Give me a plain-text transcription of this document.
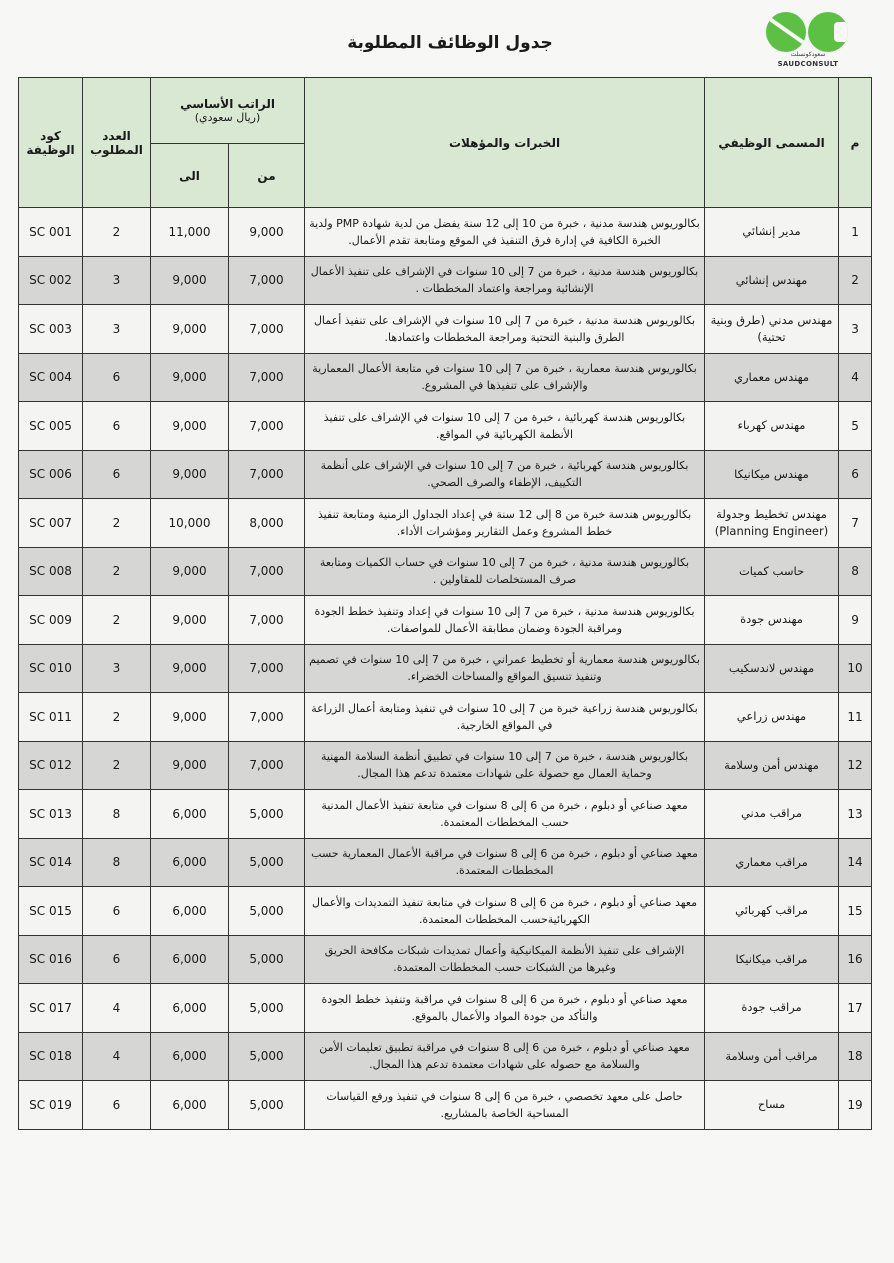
سعودكونسلت
SAUDCONSULT
جدول الوظائف المطلوبة
م	المسمى الوظيفي	الخبرات والمؤهلات	الراتب الأساسي
(ريال سعودي)		العدد المطلوب	كود الوظيفة
			من	الى		
1	مدير إنشائي	بكالوريوس هندسة مدنية ، خبرة من 10 إلى 12 سنة يفضل من لدية شهادة PMP ولدية الخبرة الكافية في إدارة فرق التنفيذ في الموقع ومتابعة تقدم الأعمال.	9,000	11,000	2	SC 001
2	مهندس إنشائي	بكالوريوس هندسة مدنية ، خبرة من 7 إلى 10 سنوات في الإشراف على تنفيذ الأعمال الإنشائية ومراجعة واعتماد المخططات .	7,000	9,000	3	SC 002
3	مهندس مدني (طرق وبنية تحتية)	بكالوريوس هندسة مدنية ، خبرة من 7 إلى 10 سنوات في الإشراف على تنفيذ أعمال الطرق والبنية التحتية ومراجعة المخططات واعتمادها.	7,000	9,000	3	SC 003
4	مهندس معماري	بكالوريوس هندسة معمارية ، خبرة من 7 إلى 10 سنوات في متابعة الأعمال المعمارية والإشراف على تنفيذها في المشروع.	7,000	9,000	6	SC 004
5	مهندس كهرباء	بكالوريوس هندسة كهربائية ، خبرة من 7 إلى 10 سنوات في الإشراف على تنفيذ الأنظمة الكهربائية في المواقع.	7,000	9,000	6	SC 005
6	مهندس ميكانيكا	بكالوريوس هندسة كهربائية ، خبرة من 7 إلى 10 سنوات في الإشراف على أنظمة التكييف، الإطفاء والصرف الصحي.	7,000	9,000	6	SC 006
7	مهندس تخطيط وجدولة (Planning Engineer)	بكالوريوس هندسة خبرة من 8 إلى 12 سنة في إعداد الجداول الزمنية ومتابعة تنفيذ خطط المشروع وعمل التقارير ومؤشرات الأداء.	8,000	10,000	2	SC 007
8	حاسب كميات	بكالوريوس هندسة مدنية ، خبرة من 7 إلى 10 سنوات في حساب الكميات ومتابعة صرف المستخلصات للمقاولين .	7,000	9,000	2	SC 008
9	مهندس جودة	بكالوريوس هندسة مدنية ، خبرة من 7 إلى 10 سنوات في إعداد وتنفيذ خطط الجودة ومراقبة الجودة وضمان مطابقة الأعمال للمواصفات.	7,000	9,000	2	SC 009
10	مهندس لاندسكيب	بكالوريوس هندسة معمارية أو تخطيط عمراني ، خبرة من 7 إلى 10 سنوات في تصميم وتنفيذ تنسيق المواقع والمساحات الخضراء.	7,000	9,000	3	SC 010
11	مهندس زراعي	بكالوريوس هندسة زراعية خبرة من 7 إلى 10 سنوات في تنفيذ ومتابعة أعمال الزراعة في المواقع الخارجية.	7,000	9,000	2	SC 011
12	مهندس أمن وسلامة	بكالوريوس هندسة ، خبرة من 7 إلى 10 سنوات في تطبيق أنظمة السلامة المهنية وحماية العمال مع حصولة على شهادات معتمدة تدعم هذا المجال.	7,000	9,000	2	SC 012
13	مراقب مدني	معهد صناعي أو دبلوم ، خبرة من 6 إلى 8 سنوات في متابعة تنفيذ الأعمال المدنية حسب المخططات المعتمدة.	5,000	6,000	8	SC 013
14	مراقب معماري	معهد صناعي أو دبلوم ، خبرة من 6 إلى 8 سنوات في مراقبة الأعمال المعمارية حسب المخططات المعتمدة.	5,000	6,000	8	SC 014
15	مراقب كهربائي	معهد صناعي أو دبلوم ، خبرة من 6 إلى 8 سنوات في متابعة تنفيذ التمديدات والأعمال الكهربائيةحسب المخططات المعتمدة.	5,000	6,000	6	SC 015
16	مراقب ميكانيكا	الإشراف على تنفيذ الأنظمة الميكانيكية وأعمال تمديدات شبكات مكافحة الحريق وغيرها من الشبكات حسب المخططات المعتمدة.	5,000	6,000	6	SC 016
17	مراقب جودة	معهد صناعي أو دبلوم ، خبرة من 6 إلى 8 سنوات في مراقبة وتنفيذ خطط الجودة والتأكد من جودة المواد والأعمال بالموقع.	5,000	6,000	4	SC 017
18	مراقب أمن وسلامة	معهد صناعي أو دبلوم ، خبرة من 6 إلى 8 سنوات في مراقبة تطبيق تعليمات الأمن والسلامة مع حصوله على شهادات معتمدة تدعم هذا المجال.	5,000	6,000	4	SC 018
19	مساح	حاصل على معهد تخصصي ، خبرة من 6 إلى 8 سنوات في تنفيذ ورفع القياسات المساحية الخاصة بالمشاريع.	5,000	6,000	6	SC 019
